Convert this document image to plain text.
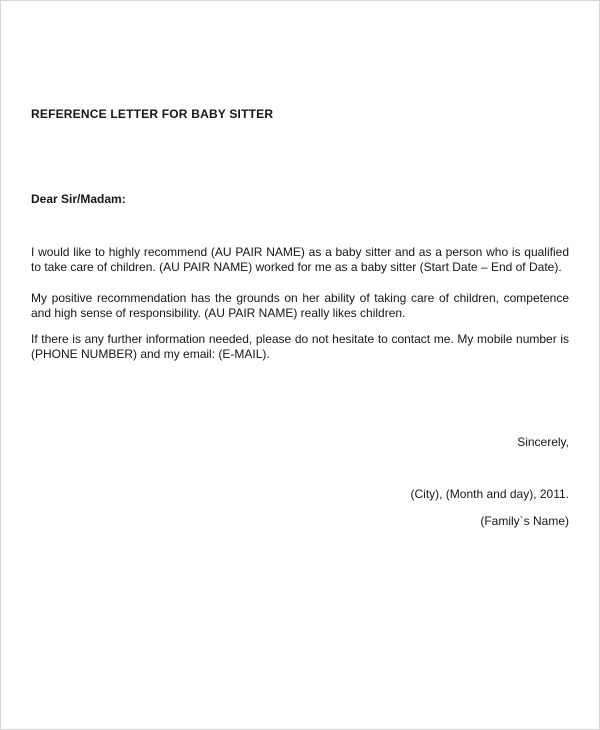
REFERENCE LETTER FOR BABY SITTER
Dear Sir/Madam:

I would like to highly recommend (AU PAIR NAME) as a baby sitter and as a person who is qualified to take care of children. (AU PAIR NAME) worked for me as a baby sitter (Start Date – End of Date).

My positive recommendation has the grounds on her ability of taking care of children, competence and high sense of responsibility. (AU PAIR NAME) really likes children.

If there is any further information needed, please do not hesitate to contact me. My mobile number is (PHONE NUMBER) and my email: (E-MAIL).

Sincerely,
(City), (Month and day), 2011.
(Family`s Name)
